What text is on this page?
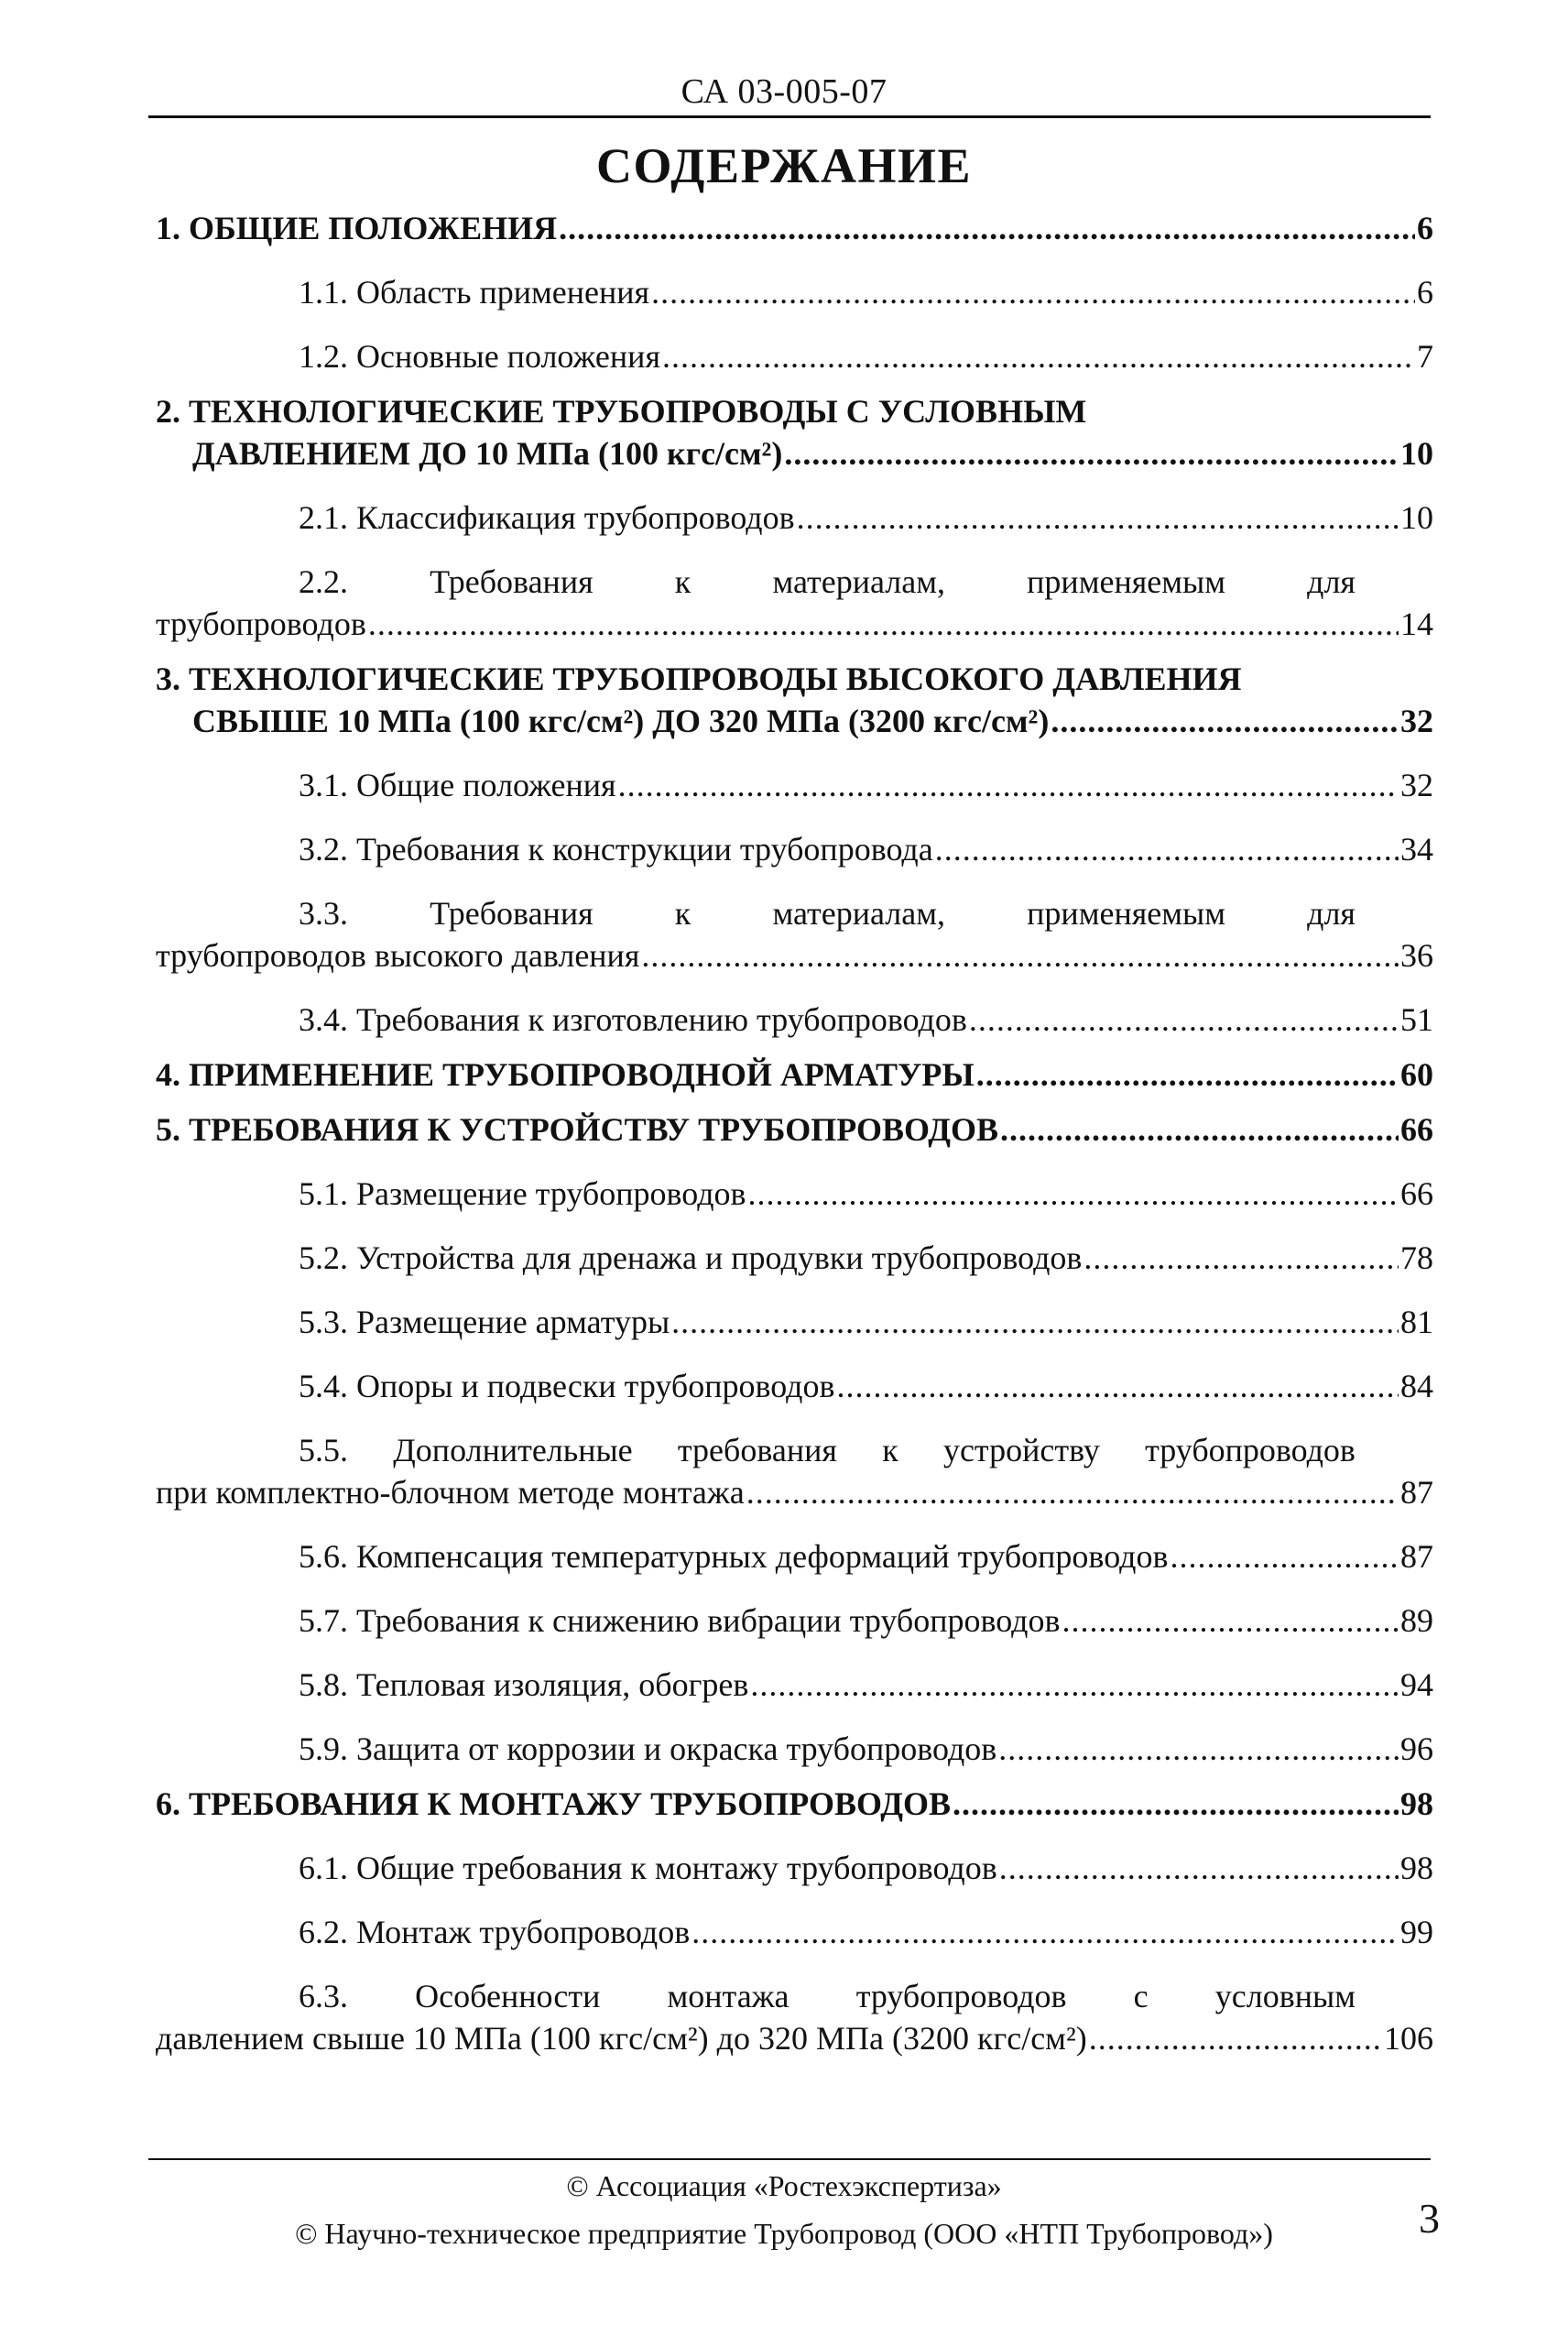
СА 03-005-07
СОДЕРЖАНИЕ
1. ОБЩИЕ ПОЛОЖЕНИЯ .....	6
1.1. Область применения .....	6
1.2. Основные положения .....	7
2. ТЕХНОЛОГИЧЕСКИЕ ТРУБОПРОВОДЫ С УСЛОВНЫМ
ДАВЛЕНИЕМ ДО 10 МПа (100 кгс/см²) .....	10
2.1. Классификация трубопроводов .....	10
2.2. Требования к материалам, применяемым для
трубопроводов .....	14
3. ТЕХНОЛОГИЧЕСКИЕ ТРУБОПРОВОДЫ ВЫСОКОГО ДАВЛЕНИЯ
СВЫШЕ 10 МПа (100 кгс/см²) ДО 320 МПа (3200 кгс/см²) .....	32
3.1. Общие положения .....	32
3.2. Требования к конструкции трубопровода .....	34
3.3. Требования к материалам, применяемым для
трубопроводов высокого давления .....	36
3.4. Требования к изготовлению трубопроводов .....	51
4. ПРИМЕНЕНИЕ ТРУБОПРОВОДНОЙ АРМАТУРЫ .....	60
5. ТРЕБОВАНИЯ К УСТРОЙСТВУ ТРУБОПРОВОДОВ .....	66
5.1. Размещение трубопроводов .....	66
5.2. Устройства для дренажа и продувки трубопроводов .....	78
5.3. Размещение арматуры .....	81
5.4. Опоры и подвески трубопроводов .....	84
5.5. Дополнительные требования к устройству трубопроводов
при комплектно-блочном методе монтажа .....	87
5.6. Компенсация температурных деформаций трубопроводов .....	87
5.7. Требования к снижению вибрации трубопроводов .....	89
5.8. Тепловая изоляция, обогрев .....	94
5.9. Защита от коррозии и окраска трубопроводов .....	96
6. ТРЕБОВАНИЯ К МОНТАЖУ ТРУБОПРОВОДОВ .....	98
6.1. Общие требования к монтажу трубопроводов .....	98
6.2. Монтаж трубопроводов .....	99
6.3. Особенности монтажа трубопроводов с условным
давлением свыше 10 МПа (100 кгс/см²) до 320 МПа (3200 кгс/см²) .....	106
© Ассоциация «Ростехэкспертиза»
© Научно-техническое предприятие Трубопровод (ООО «НТП Трубопровод»)	3
